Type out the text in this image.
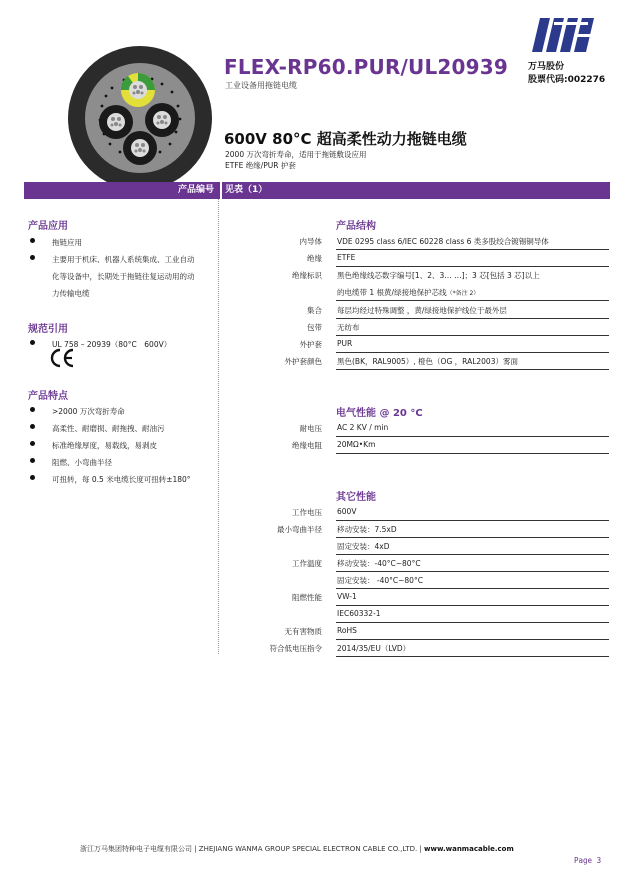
FLEX-RP60.PUR/UL20939
工业设备用拖链电缆
万马股份
股票代码:002276
600V 80°C 超高柔性动力拖链电缆
2000 万次弯折寿命，适用于拖链敷设应用
ETFE 绝缘/PUR 护套
产品编号	见表（1）
产品应用
拖链应用
主要用于机床、机器人系统集成、工业自动
化等设备中，长期处于拖链往复运动用的动
力传输电缆
规范引用
UL 758 – 20939（80°C　600V）
产品特点
>2000 万次弯折寿命
高柔性、耐磨损、耐拖拽、耐油污
标准绝缘厚度，易载线，易剥皮
阻燃、小弯曲半径
可扭转，每 0.5 米电缆长度可扭转±180°
产品结构
内导体 VDE 0295 class 6/IEC 60228 class 6 类多股绞合镀锡铜导体
绝缘 ETFE
绝缘标识 黑色绝缘线芯数字编号[1、2、3… …]；3 芯[包括 3 芯]以上
的电缆带 1 根黄/绿接地保护芯线（*备注 2）
集合 每层均经过特殊调整 ，黄/绿接地保护线位于最外层
包带 无纺布
外护套 PUR
外护套颜色 黑色(BK，RAL9005）, 橙色（OG ，RAL2003）雾面
电气性能 @ 20 °C
耐电压 AC 2 KV / min
绝缘电阻 20MΩ•Km
其它性能
工作电压 600V
最小弯曲半径 移动安装：7.5xD
固定安装：4xD
工作温度 移动安装：-40°C~80°C
固定安装： -40°C~80°C
阻燃性能 VW-1
IEC60332-1
无有害物质 RoHS
符合低电压指令 2014/35/EU（LVD）
浙江万马集团特种电子电缆有限公司 | ZHEJIANG WANMA GROUP SPECIAL ELECTRON CABLE CO.,LTD. | www.wanmacable.com
Page 3
